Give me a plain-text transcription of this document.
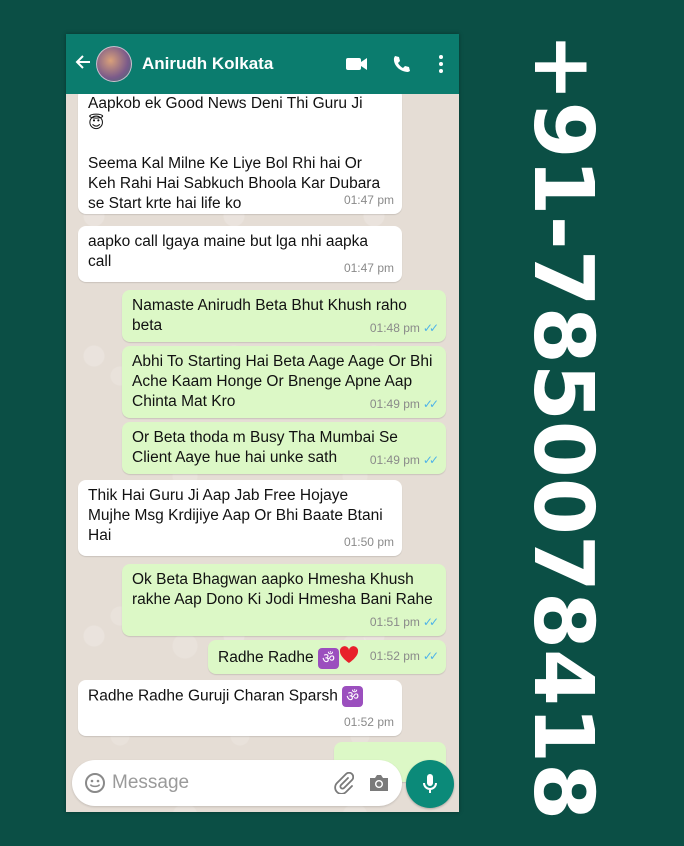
Anirudh Kolkata
Aapkob ek Good News Deni Thi Guru Ji
😇

Seema Kal Milne Ke Liye Bol Rhi hai Or Keh Rahi Hai Sabkuch Bhoola Kar Dubara se Start krte hai life ko	01:47 pm
aapko call lgaya maine but lga nhi aapka call	01:47 pm
Namaste Anirudh Beta Bhut Khush raho beta	01:48 pm ✓✓
Abhi To Starting Hai Beta Aage Aage Or Bhi Ache Kaam Honge Or Bnenge Apne Aap Chinta Mat Kro	01:49 pm ✓✓
Or Beta thoda m Busy Tha Mumbai Se Client Aaye hue hai unke sath	01:49 pm ✓✓
Thik Hai Guru Ji Aap Jab Free Hojaye Mujhe Msg Krdijiye Aap Or Bhi Baate Btani Hai	01:50 pm
Ok Beta Bhagwan aapko Hmesha Khush rakhe Aap Dono Ki Jodi Hmesha Bani Rahe
01:51 pm ✓✓
Radhe Radhe ॐ	01:52 pm ✓✓
Radhe Radhe Guruji Charan Sparsh ॐ
01:52 pm
Message	+91-7850078418
